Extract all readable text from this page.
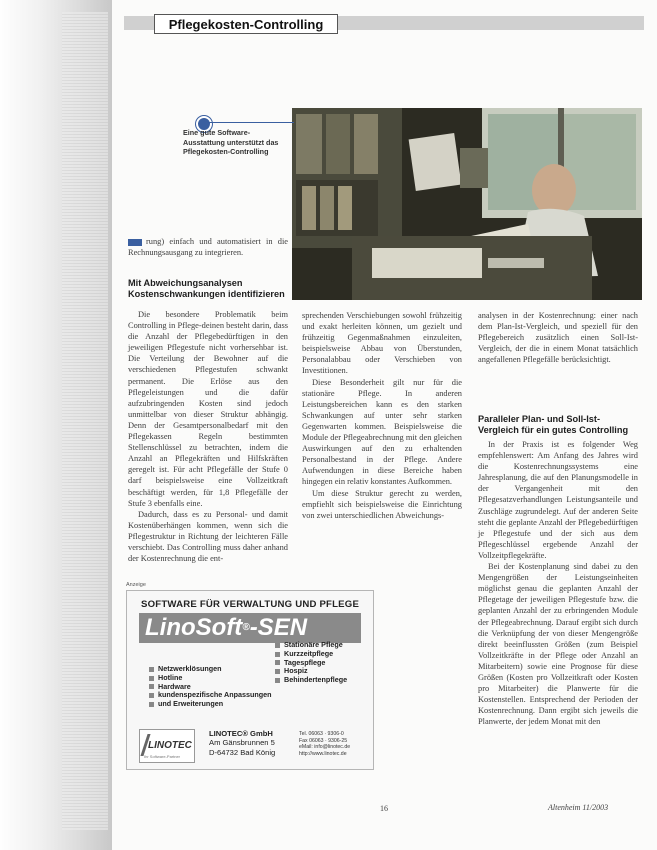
Pflegekosten-Controlling
Eine gute Software-Ausstattung unterstützt das Pflegekosten-Controlling

rung) einfach und automatisiert in die Rechnungsausgang zu integrieren.

Mit Abweichungsanalysen Kostenschwankungen identifizieren

Die besondere Problematik beim Controlling in Pflege-deinen besteht darin, dass die Anzahl der Pflegebedürftigen in den jeweiligen Pflegestufe nicht vorhersehbar ist. Die Verteilung der Bewohner auf die verschiedenen Pflegestufen schwankt permanent. Die Erlöse aus den Pflegeleistungen und die dafür aufzubringenden Kosten sind jedoch unmittelbar von dieser Struktur abhängig. Denn der Gesamtpersonalbedarf mit den Pflegekassen Regeln bestimmten Stellenschlüssel zu betrachten, indem die Anzahl an Pflegekräften und Hilfskräften geregelt ist. Für acht Pflegefälle der Stufe 0 darf beispielsweise eine Vollzeitkraft beschäftigt werden, für 1,8 Pflegefälle der Stufe 3 ebenfalls eine.

Dadurch, dass es zu Personal- und damit Kostenüberhängen kommen, wenn sich die Pflegestruktur in Richtung der leichteren Fälle verschiebt. Das Controlling muss daher anhand der Kostenrechnung die ent-

sprechenden Verschiebungen sowohl frühzeitig und exakt herleiten können, um gezielt und frühzeitig Gegenmaßnahmen einzuleiten, beispielsweise Abbau von Überstunden, Personalabbau oder Verschieben von Investitionen.

Diese Besonderheit gilt nur für die stationäre Pflege. In anderen Leistungsbereichen kann es den starken Schwankungen auf unter sehr starken Gegenwarten kommen. Beispielsweise die Module der Pflegeabrechnung mit den gleichen Auswirkungen auf den zu erhaltenden Personalbestand in der Pflege. Andere Aufwendungen in diese Bereiche haben hingegen ein relativ konstantes Aufkommen.

Um diese Struktur gerecht zu werden, empfiehlt sich beispielsweise die Einrichtung von zwei unterschiedlichen Abweichungs-

analysen in der Kostenrechnung: einer nach dem Plan-Ist-Vergleich, und speziell für den Pflegebereich zusätzlich einen Soll-Ist-Vergleich, der die in einem Monat tatsächlich angefallenen Pflegefälle berücksichtigt.

Paralleler Plan- und Soll-Ist-Vergleich für ein gutes Controlling

In der Praxis ist es folgender Weg empfehlenswert: Am Anfang des Jahres wird die Kostenrechnungssystems eine Jahresplanung, die auf den Planungsmodelle in der Vergangenheit mit den Pflegesatzverhandlungen Leistungsanteile und Zuschläge zugrundelegt. Auf der anderen Seite steht die geplante Anzahl der Pflegebedürftigen je Pflegestufe und der sich aus dem Pflegeschlüssel ergebende Anzahl der Vollzeitpflegekräfte.

Bei der Kostenplanung sind dabei zu den Mengengrößen der Leistungseinheiten möglichst genau die geplanten Anzahl der Pflegetage der jeweiligen Pflegestufe bzw. die geplanten Anzahl der zu erbringenden Module der Pflegeabrechnung. Darauf ergibt sich durch die Verknüpfung der von dieser Mengengröße direkt beeinflussten Größen (zum Beispiel Vollzeitkräfte in der Pflege oder Anzahl an Mitarbeitern) sowie eine Prognose für diese Größen (Kosten pro Vollzeitkraft oder Kosten pro Mitarbeiter) die Planwerte für die Kostenstellen. Entsprechend der Perioden der Kostenrechnung. Dann ergibt sich jeweils die Planwerte, der jedem Monat mit den

Anzeige
SOFTWARE FÜR VERWALTUNG UND PFLEGE
LinoSoft®-SEN
Stationäre Pflege
Kurzzeitpflege
Tagespflege
Hospiz
Behindertenpflege
Netzwerklösungen
Hotline
Hardware
kundenspezifische Anpassungen
und Erweiterungen
LINOTEC
Ihr Software-Partner
LINOTEC® GmbH
Am Gänsbrunnen 5
D-64732 Bad König
Tel. 06063 · 9306-0
Fax 06063 · 9306-25
eMail: info@linotec.de
http://www.linotec.de
16	Altenheim 11/2003
